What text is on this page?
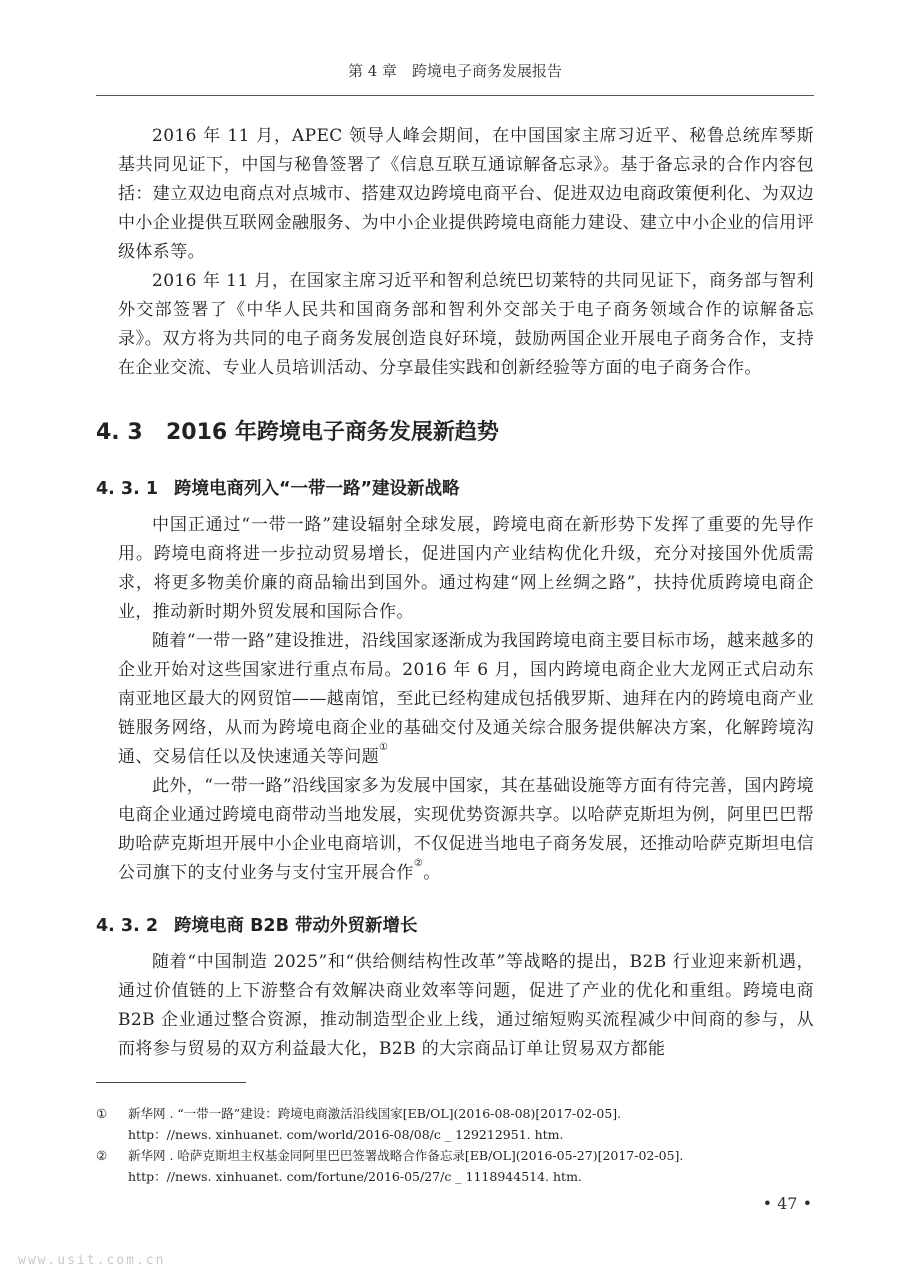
第 4 章　跨境电子商务发展报告

2016 年 11 月，APEC 领导人峰会期间，在中国国家主席习近平、秘鲁总统库琴斯基共同见证下，中国与秘鲁签署了《信息互联互通谅解备忘录》。基于备忘录的合作内容包括：建立双边电商点对点城市、搭建双边跨境电商平台、促进双边电商政策便利化、为双边中小企业提供互联网金融服务、为中小企业提供跨境电商能力建设、建立中小企业的信用评级体系等。

2016 年 11 月，在国家主席习近平和智利总统巴切莱特的共同见证下，商务部与智利外交部签署了《中华人民共和国商务部和智利外交部关于电子商务领域合作的谅解备忘录》。双方将为共同的电子商务发展创造良好环境，鼓励两国企业开展电子商务合作，支持在企业交流、专业人员培训活动、分享最佳实践和创新经验等方面的电子商务合作。

4. 3 2016 年跨境电子商务发展新趋势
4. 3. 1 跨境电商列入“一带一路”建设新战略

中国正通过“一带一路”建设辐射全球发展，跨境电商在新形势下发挥了重要的先导作用。跨境电商将进一步拉动贸易增长，促进国内产业结构优化升级，充分对接国外优质需求，将更多物美价廉的商品输出到国外。通过构建“网上丝绸之路”，扶持优质跨境电商企业，推动新时期外贸发展和国际合作。

随着“一带一路”建设推进，沿线国家逐渐成为我国跨境电商主要目标市场，越来越多的企业开始对这些国家进行重点布局。2016 年 6 月，国内跨境电商企业大龙网正式启动东南亚地区最大的网贸馆——越南馆，至此已经构建成包括俄罗斯、迪拜在内的跨境电商产业链服务网络，从而为跨境电商企业的基础交付及通关综合服务提供解决方案，化解跨境沟通、交易信任以及快速通关等问题①

此外，“一带一路”沿线国家多为发展中国家，其在基础设施等方面有待完善，国内跨境电商企业通过跨境电商带动当地发展，实现优势资源共享。以哈萨克斯坦为例，阿里巴巴帮助哈萨克斯坦开展中小企业电商培训，不仅促进当地电子商务发展，还推动哈萨克斯坦电信公司旗下的支付业务与支付宝开展合作②。

4. 3. 2 跨境电商 B2B 带动外贸新增长

随着“中国制造 2025”和“供给侧结构性改革”等战略的提出，B2B 行业迎来新机遇，通过价值链的上下游整合有效解决商业效率等问题，促进了产业的优化和重组。跨境电商 B2B 企业通过整合资源，推动制造型企业上线，通过缩短购买流程减少中间商的参与，从而将参与贸易的双方利益最大化，B2B 的大宗商品订单让贸易双方都能

①	新华网 . “一带一路”建设：跨境电商激活沿线国家[EB/OL](2016-08-08)[2017-02-05].
http：//news. xinhuanet. com/world/2016-08/08/c _ 129212951. htm.
②	新华网 . 哈萨克斯坦主权基金同阿里巴巴签署战略合作备忘录[EB/OL](2016-05-27)[2017-02-05].
http：//news. xinhuanet. com/fortune/2016-05/27/c _ 1118944514. htm.
• 47 •
www.usit.com.cn
